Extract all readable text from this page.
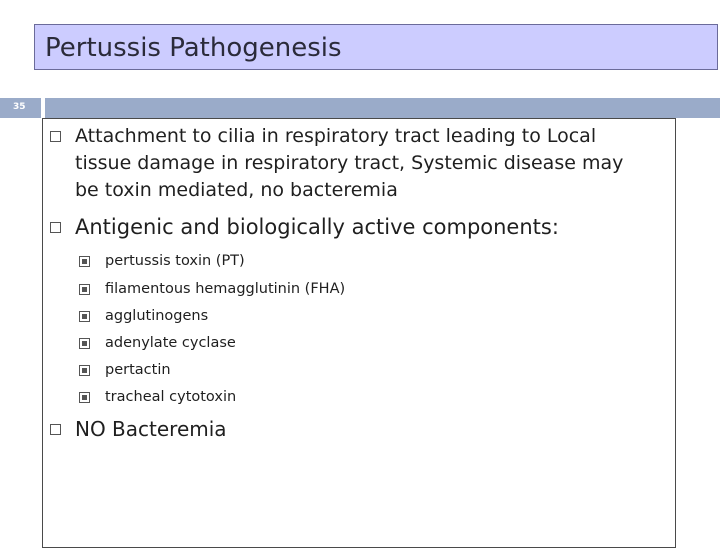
Pertussis Pathogenesis
35
Attachment to cilia in respiratory tract leading to Local tissue damage in respiratory tract, Systemic disease may be toxin mediated, no bacteremia
Antigenic and biologically active components:
pertussis toxin (PT)
filamentous hemagglutinin (FHA)
agglutinogens
adenylate cyclase
pertactin
tracheal cytotoxin
NO Bacteremia
